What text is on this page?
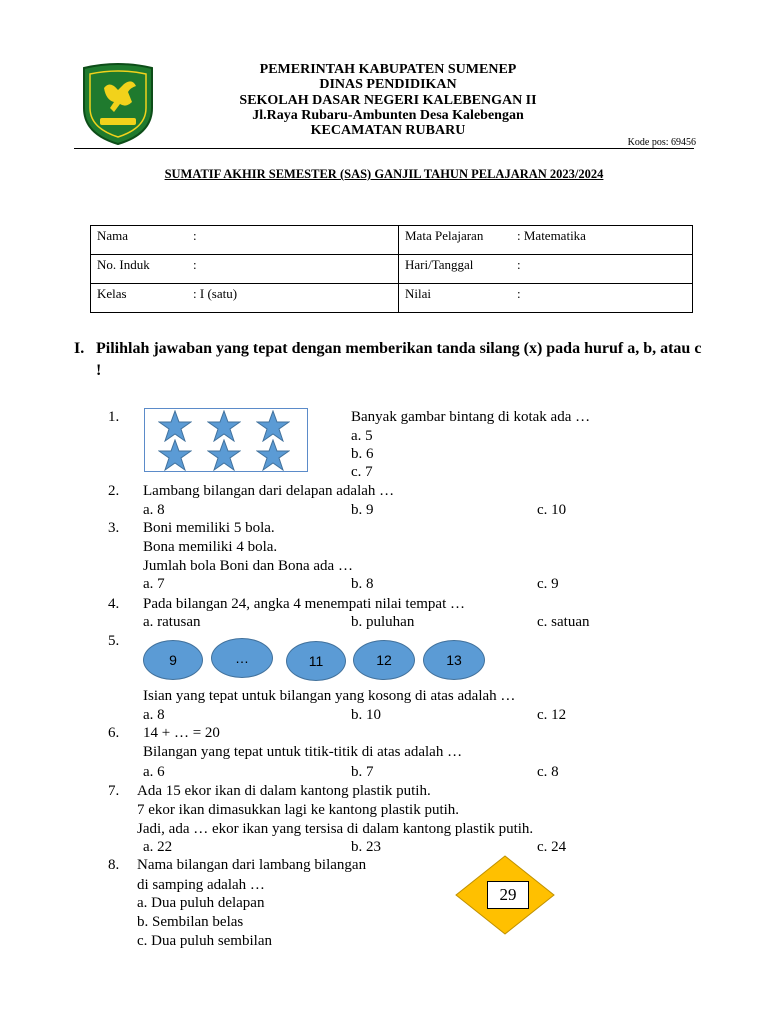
PEMERINTAH KABUPATEN SUMENEP
DINAS PENDIDIKAN
SEKOLAH DASAR NEGERI KALEBENGAN II
Jl.Raya Rubaru-Ambunten Desa Kalebengan
KECAMATAN RUBARU
Kode pos: 69456
SUMATIF AKHIR SEMESTER (SAS) GANJIL TAHUN PELAJARAN 2023/2024
Nama :	Mata Pelajaran : Matematika
No. Induk :	Hari/Tanggal :
Kelas : I (satu)	Nilai :
I. Pilihlah jawaban yang tepat dengan memberikan tanda silang (x) pada huruf a, b, atau c !
1.	Banyak gambar bintang di kotak ada …
a. 5
b. 6
c. 7
2. Lambang bilangan dari delapan adalah …
a. 8	b. 9	c. 10
3. Boni memiliki 5 bola.
Bona memiliki 4 bola.
Jumlah bola Boni dan Bona ada …
a. 7	b. 8	c. 9
4. Pada bilangan 24, angka 4 menempati nilai tempat …
a. ratusan	b. puluhan	c. satuan
5.
9	…	11	12	13
Isian yang tepat untuk bilangan yang kosong di atas adalah …
a. 8	b. 10	c. 12
6. 14 + … = 20
Bilangan yang tepat untuk titik-titik di atas adalah …
a. 6	b. 7	c. 8
7. Ada 15 ekor ikan di dalam kantong plastik putih.
7 ekor ikan dimasukkan lagi ke kantong plastik putih.
Jadi, ada … ekor ikan yang tersisa di dalam kantong plastik putih.
a. 22	b. 23	c. 24
8. Nama bilangan dari lambang bilangan
di samping adalah …
a. Dua puluh delapan
b. Sembilan belas
c. Dua puluh sembilan
29
